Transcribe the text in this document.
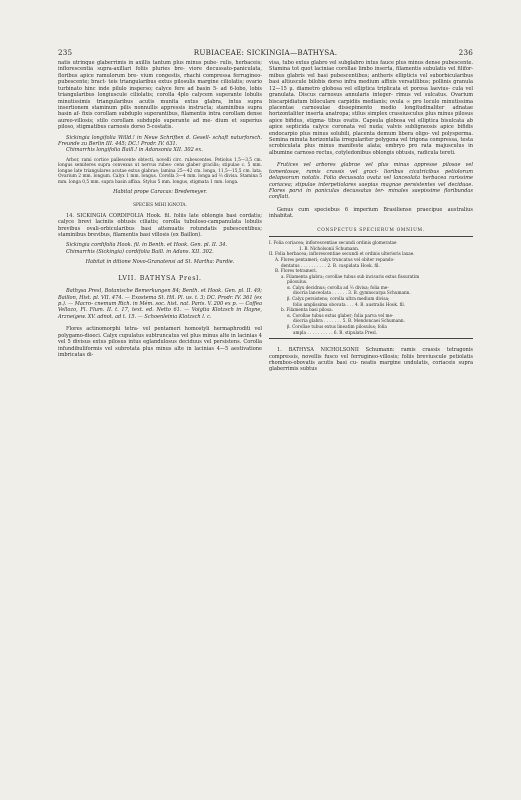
235	RUBIACEAE: SICKINGIA—BATHYSA.	236

natis utrinque glaberrimis in axillis tantum plus minus pube- rulis, herbaceis; inflorescentia supra-axillari foliis pluries bre- viore decussato-paniculata, floribus apice ramulorum bre- vium congestis, rhachi compressa ferrugineo-pubescente; bract- teis triangularibus extus pilosulis margine ciliolatis; ovario turbinato hinc inde pilulo inspersо; calyce fere ad basin 5- ad 6-lobo, lobis triangularibus longiuscule ciliolatis; corolla 4plo calycem superante lobulis minutissimis triangularibus acutis munita extus glabra, intus supra insertionem staminum pilis nonnullis appressis instructa; staminibus supra basin af- fixis corollam subduplo superantibus, filamentis intra corollam dense aureo-villosis; stilo corollam subduplo superante ad me- dium et superius piloso, stigmatibus carnosis dorso 5-costatis.

Sickingia longifolia Willd.! in Neue Schriften d. Gesell- schaft naturforsch. Freunde zu Berlin III. 445; DC.! Prodr. IV. 631.

Chimarrhis longifolia Baill.! in Adansonia XII. 302 ex.

Arbor, rami cortice pallescente obtecti, novelli circ. rubescentes. Petiolus 1,5—3,5 cm. longus semiteres supra convexus ut nervus rubes- cens glaber gracilis; stipulae c. 5 mm. longae late triangulares acutae extus glabrae; lamina 25—42 cm. longa, 11,5—15,5 cm. lata. Ovarium 2 mm. longum. Calyx 1 mm. longus. Corolla 3—4 mm. longa ad ⅔ divisa. Stamina 5 mm. longa 0,5 mm. supra basin affixa. Stylus 5 mm. longus, stigmata 1 mm. longa.

Habitat prope Caracas: Bredemeyer.

SPECIES MIHI IGNOTA.

14. SICKINGIA CORDIFOLIA Hook. fil. foliis late oblongis basi cordatis; calyce brevi laciniis obtusis ciliatis; corolla tubuloso-campanulata lobulis brevibus ovali-orbicularibus basi attenuatis rotundatis pubescentibus; staminibus brevibus, filamentis basi villosis (ex Baillon).

Sickingia cordifolia Hook. fil. in Benth. et Hook. Gen. pl. II. 34.

Chimarrhis (Sickingia) cordifolia Baill. in Adans. XII. 302.

Habitat in ditione Novo-Granatensi ad St. Martha: Purdie.

LVII. BATHYSA Presl.

Bathysa Presl, Botanische Bemerkungen 84; Benth. et Hook. Gen. pl. II. 49; Baillon, Hist. pl. VII. 474. — Exostema St. Hil. Pl. us. t. 3; DC. Prodr. IV. 361 (ex p.). — Macro- cnemum Rich. in Mém. soc. hist. nat. Paris. V. 200 ex p. — Coffea Vellozo, Fl. Flum. II. t. 17, text. ed. Netto 61. — Voigtia Klotzsch in Hayne, Arzneigew. XV. adnot. ad t. 15. — Schoenleinia Klotzsch l. c.

Flores actinomorphi tetra- vel pentameri homostyli hermaphroditi vel polygamo-dioeci. Calyx cupulatus subtruncatus vel plus minus alte in lacinias 4 vel 5 divisus extus pilosus intus eglandulosus deciduus vel persistens. Corolla infundibuliformis vel subrotata plus minus alte in lacinias 4—5 aestivatione imbricatas di-

visa, tubo extus glabro vel subglabro intus fauce plus minus dense pubescente. Stamina tot quot laciniae corollae limbo inserta, filamentis subulatis vel filifor- mibus glabris vel basi pubescentibus; antheris ellipticis vel suborbicularibus basi altiuscule bilobis dorso infra medium affixis versatilibus; pollinis granula 12—15 μ. diametro globosa vel elliptica triplicata et porosa laevius- cula vel granulata. Discus carnosus annularis integer- rimus vel sulcatus. Ovarium biscarpidiatum biloculare carpidiis medianis; ovula ∞ pro loculo minutissima placentae carnosulae dissepimento medio longitudinaliter adnatae horizontaliter inserta anatropa; stilus simplex crassiusculus plus minus pilosus apice bifidus, stigma- tibus ovatis. Capsula globosa vel elliptica bisulcata ab apice septicida calyce coronata vel nuda; valvis subligneosis apice bifidis endocarpio plus minus solubili, placenta demum libera oligo- vel polysperma. Semina minuta horizontalia irregulariter polygona vel trigona compressa, testa scrobiculata plus minus manifeste alata; embryo pro rata majusculus in albumine carnoso rectus, cotyledonibus oblongis obtusis, radicula tereti.

Frutices vel arbores glabrae vel plus minus appresse pilosae vel tomentosae, ramis crassis vel graci- lioribus cicatricibus petiolorum delapsorum notatis. Folia decussata ovata vel lanceolata herbacea rarissime coriacea; stipulae interpetiolares saepius magnae persistentes vel deciduae. Flores parvi in paniculas decussatas ter- minales saepissime floribundas conflati.

Genus cum speciebus 6 imperium Brasiliense praecipue australius inhabitat.

CONSPECTUS SPECIERUM OMNIUM.

I. Folia coriacea; inflorescentiae secundi ordinis glomeratae
1. B. Nicholsonii Schumann.
II. Folia herbacea; inflorescentiae secundi et ordinis ulterioris laxae.
A. Flores pentameri; calyx truncatus vel obiter repando-
dentatus . . . . . . . . . . 2. B. cuspidata Hook. fil.
B. Flores tetrameri.
a. Filamenta glabra; corollae tubus sub incisuris extus fissuratim
pilosulus.
α. Calyx decidnus; corolla ad ⅔ divisa; folia me-
diocria lanceolata . . . . . . 3. B. gymnocarpa Schumann.
β. Calyx persistens; corolla ultra medium divisa;
folio amplissima obovata . . . 4. B. australis Hook. fil.
b. Filamenta basi pilosa.
α. Corollae tubus extus glaber; folia parva vel me-
diocria glabra . . . . . . . 5. B. Mendoncaei Schumann.
β. Corollae tubus extus lineatim pilosulus; folia
ampla . . . . . . . . . . 6. B. stipulata Presl.

1. BATHYSA NICHOLSONII Schumann: ramis crassis tetragonis compressis, novellis fusco vel ferrugineo-villosis; foliis breviuscule petiolatis rhomboo-obovatis acutis basi cu- neatis margine undulatis, coriaceis supra glaberrimis subtus
